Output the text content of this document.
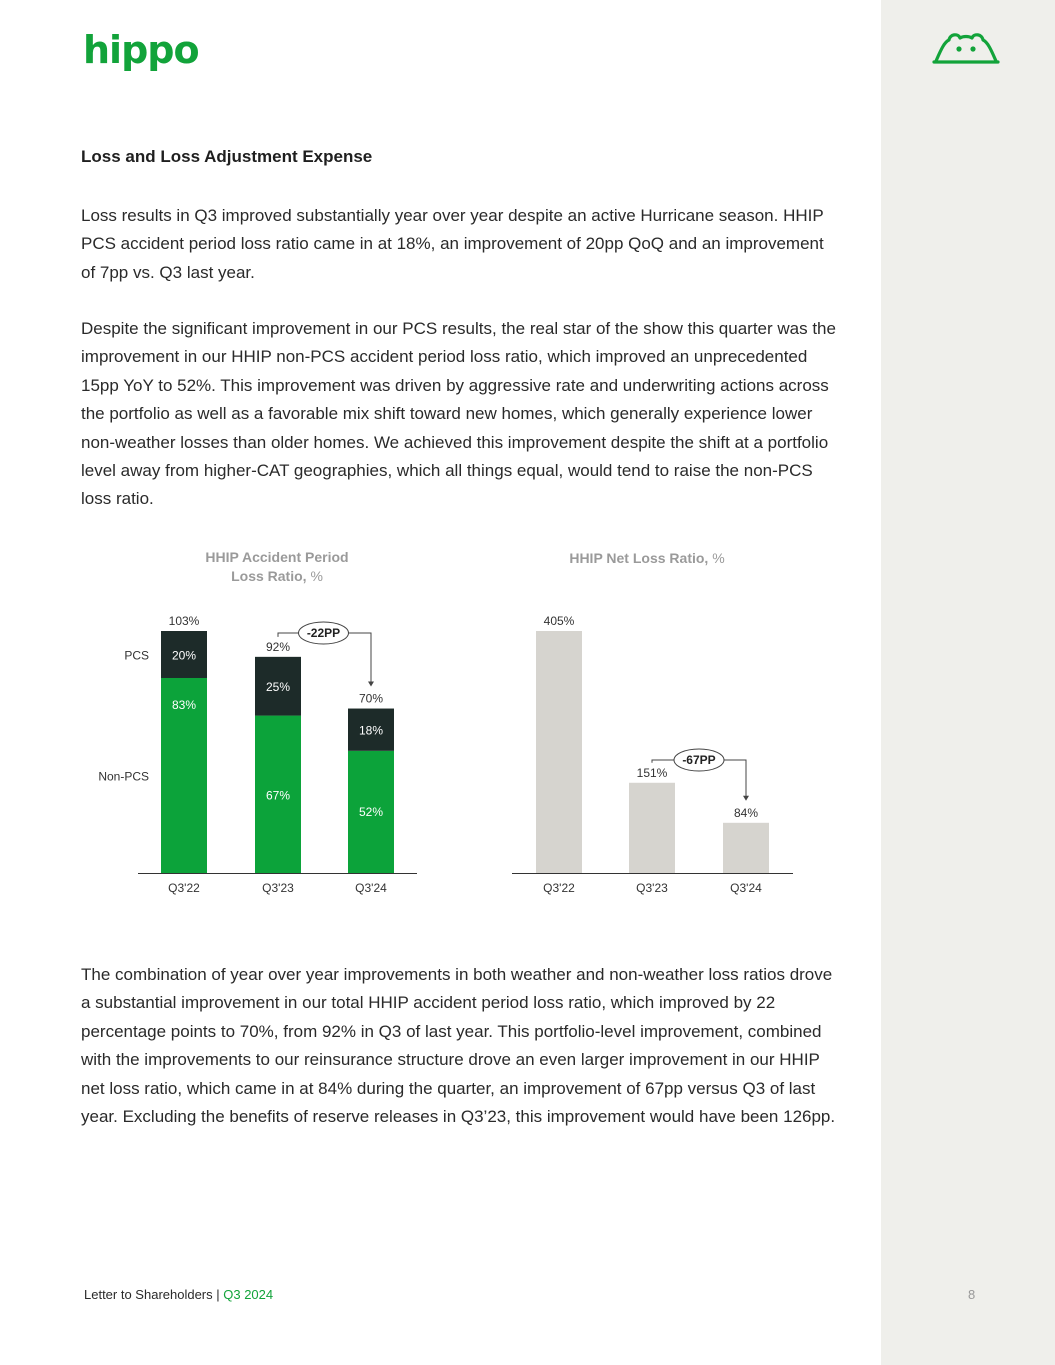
hippo
Loss and Loss Adjustment Expense

Loss results in Q3 improved substantially year over year despite an active Hurricane season. HHIP PCS accident period loss ratio came in at 18%, an improvement of 20pp QoQ and an improvement of 7pp vs. Q3 last year.

Despite the significant improvement in our PCS results, the real star of the show this quarter was the improvement in our HHIP non-PCS accident period loss ratio, which improved an unprecedented 15pp YoY to 52%. This improvement was driven by aggressive rate and underwriting actions across the portfolio as well as a favorable mix shift toward new homes, which generally experience lower non-weather losses than older homes. We achieved this improvement despite the shift at a portfolio level away from higher-CAT geographies, which all things equal, would tend to raise the non-PCS loss ratio.

The combination of year over year improvements in both weather and non-weather loss ratios drove a substantial improvement in our total HHIP accident period loss ratio, which improved by 22 percentage points to 70%, from 92% in Q3 of last year. This portfolio-level improvement, combined with the improvements to our reinsurance structure drove an even larger improvement in our HHIP net loss ratio, which came in at 84% during the quarter, an improvement of 67pp versus Q3 of last year. Excluding the benefits of reserve releases in Q3’23, this improvement would have been 126pp.

HHIP Accident Period
Loss Ratio, %
20%
83%
103%
Q3'22
25%
67%
92%
Q3'23
18%
52%
70%
Q3'24
PCS
Non-PCS
-22PP
HHIP Net Loss Ratio, %
405%
Q3'22
151%
Q3'23
84%
Q3'24
-67PP
Letter to Shareholders | Q3 2024	8
